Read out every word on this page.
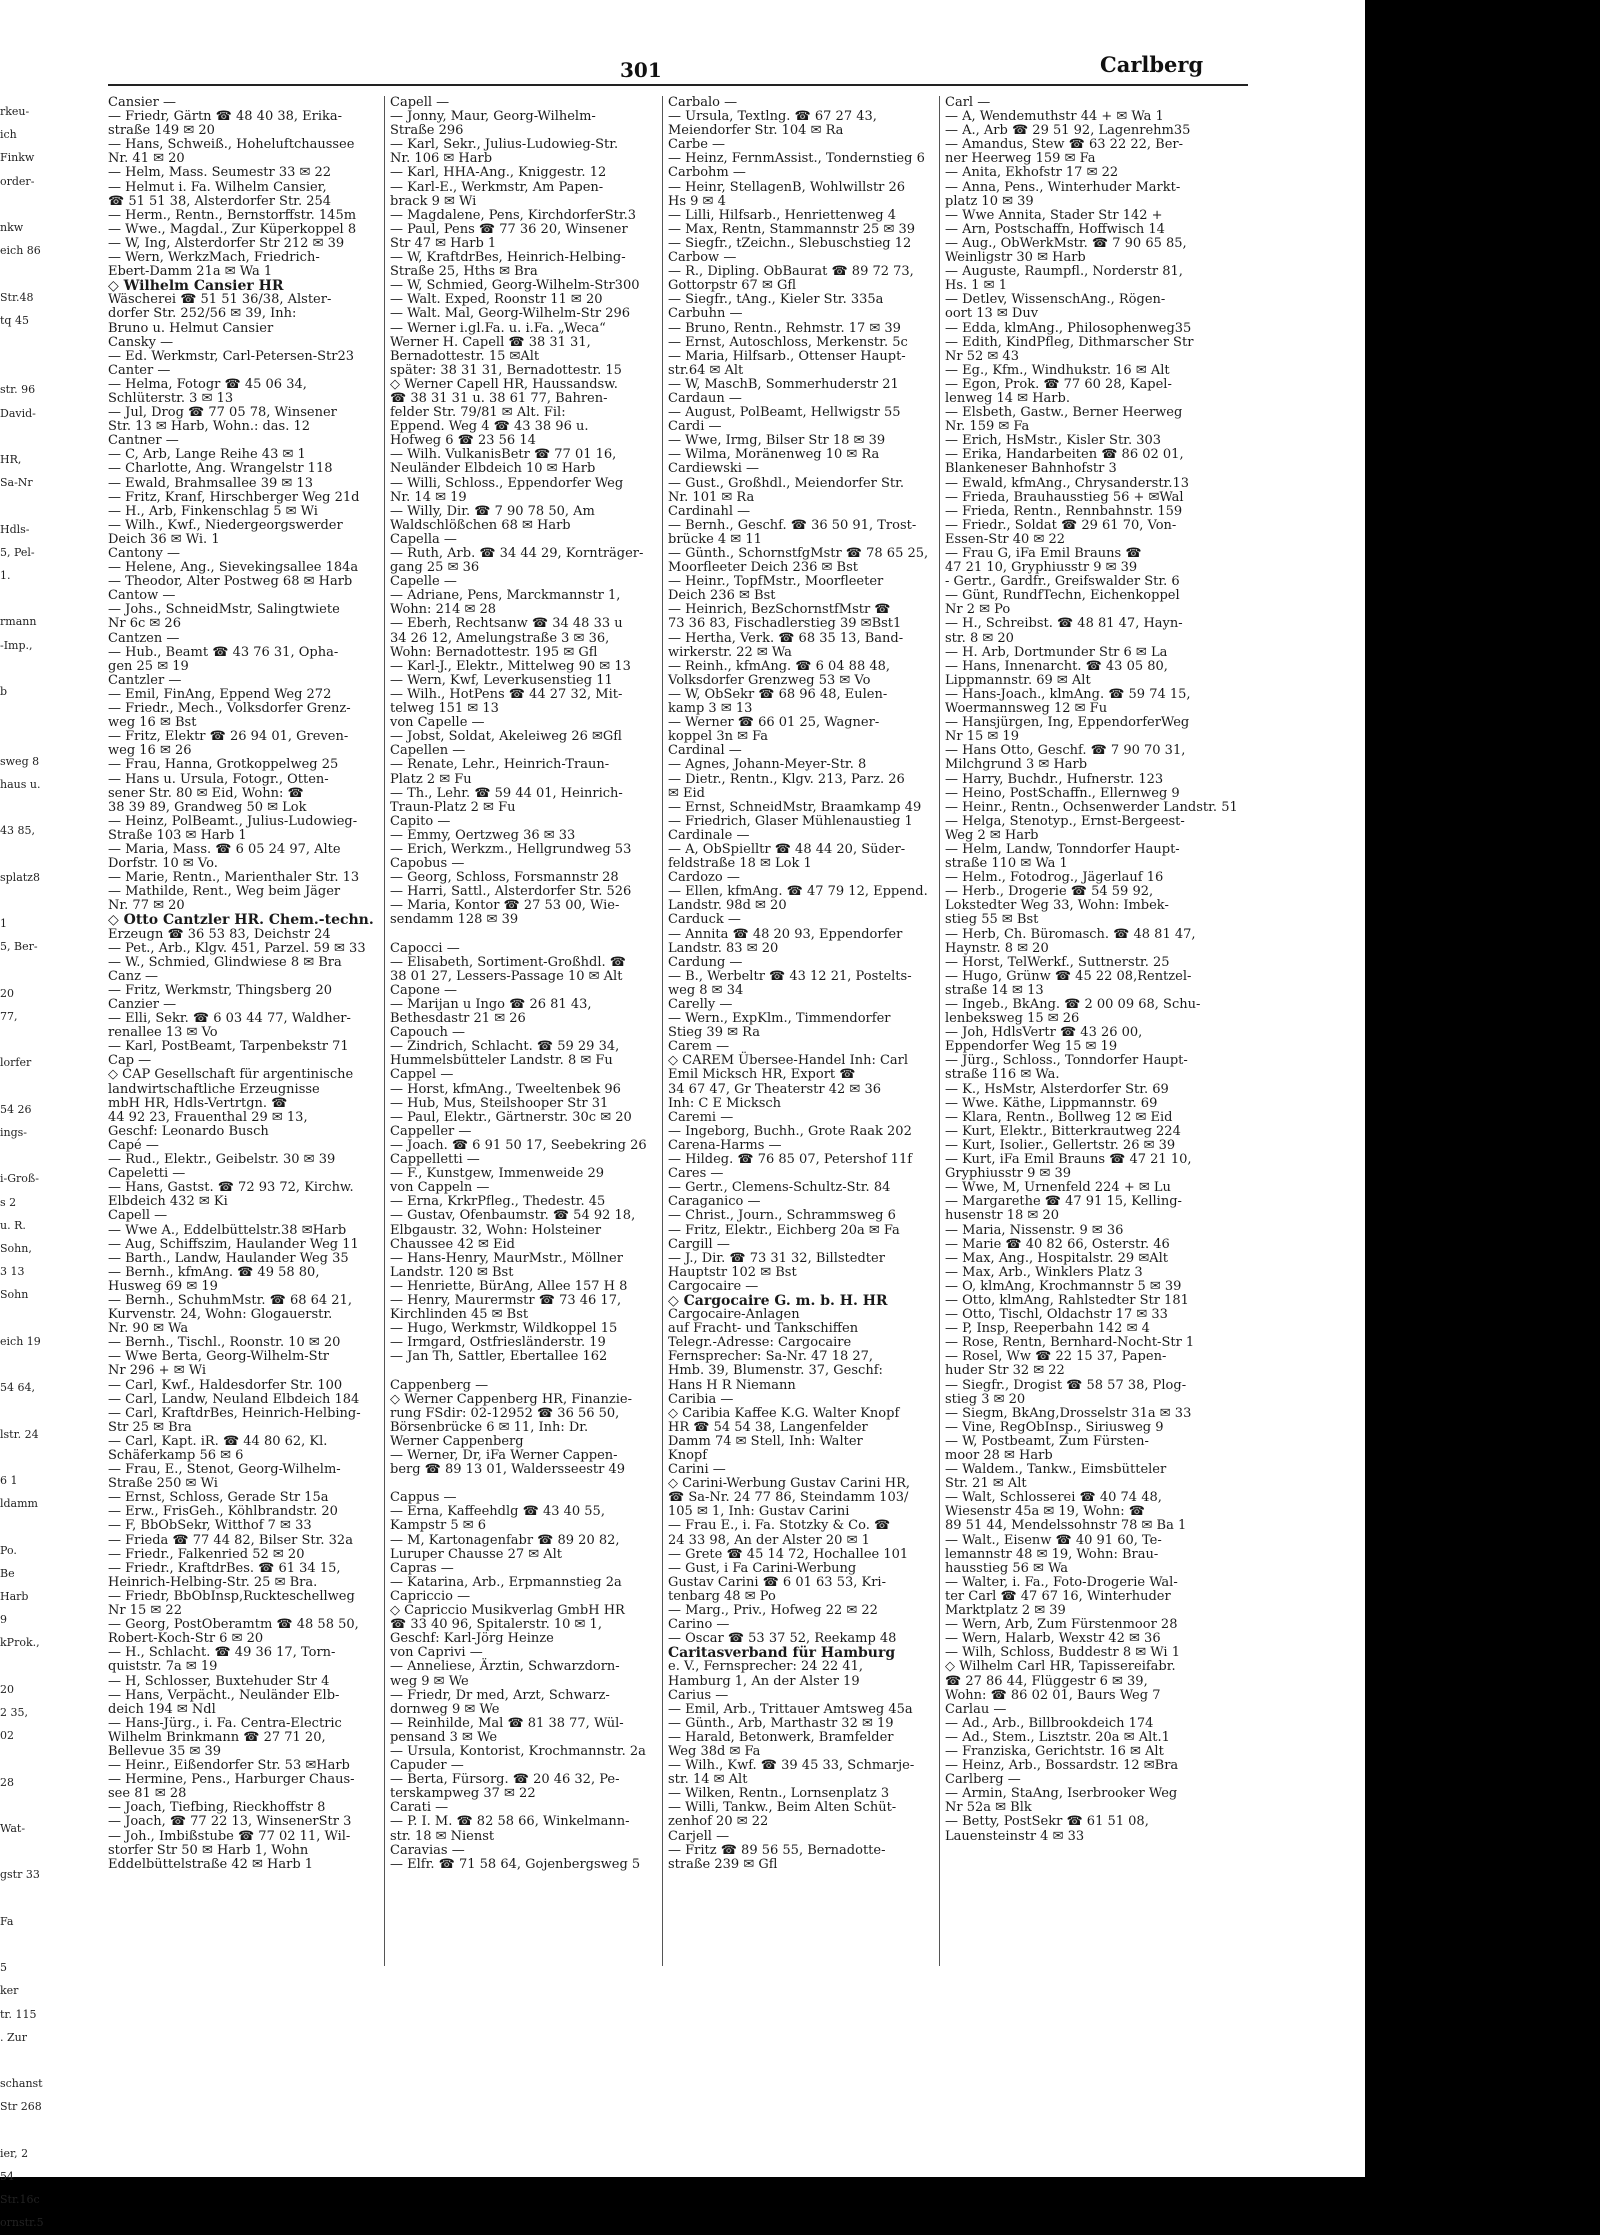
rkeu-
ich
Finkw
order-

nkw
eich 86

Str.48
tq 45

str. 96
David-

HR,
Sa-Nr

Hdls-
5, Pel-
1.

rmann
-Imp.,

b

sweg 8
haus u.

43 85,

splatz8

1
5, Ber-

20
77,

lorfer

54 26
ings-

i-Groß-
s 2
u. R.
Sohn,
3 13
Sohn

eich 19

54 64,

lstr. 24

6 1
ldamm

Po.
Be
Harb
9
kProk.,

20
2 35,
02

28

Wat-

gstr 33

Fa

5
ker
tr. 115
. Zur

schanst
Str 268

ier, 2
54
Str.16c
ornstr.5
301	Carlberg
Cansier —
— Friedr, Gärtn ☎ 48 40 38, Erika-
straße 149 ✉ 20
— Hans, Schweiß., Hoheluftchaussee
Nr. 41 ✉ 20
— Helm, Mass. Seumestr 33 ✉ 22
— Helmut i. Fa. Wilhelm Cansier,
☎ 51 51 38, Alsterdorfer Str. 254
— Herm., Rentn., Bernstorffstr. 145m
— Wwe., Magdal., Zur Küperkoppel 8
— W, Ing, Alsterdorfer Str 212 ✉ 39
— Wern, WerkzMach, Friedrich-
Ebert-Damm 21a ✉ Wa 1
◇ Wilhelm Cansier HR
Wäscherei ☎ 51 51 36/38, Alster-
dorfer Str. 252/56 ✉ 39, Inh:
Bruno u. Helmut Cansier
Cansky —
— Ed. Werkmstr, Carl-Petersen-Str23
Canter —
— Helma, Fotogr ☎ 45 06 34,
Schlüterstr. 3 ✉ 13
— Jul, Drog ☎ 77 05 78, Winsener
Str. 13 ✉ Harb, Wohn.: das. 12
Cantner —
— C, Arb, Lange Reihe 43 ✉ 1
— Charlotte, Ang. Wrangelstr 118
— Ewald, Brahmsallee 39 ✉ 13
— Fritz, Kranf, Hirschberger Weg 21d
— H., Arb, Finkenschlag 5 ✉ Wi
— Wilh., Kwf., Niedergeorgswerder
Deich 36 ✉ Wi. 1
Cantony —
— Helene, Ang., Sievekingsallee 184a
— Theodor, Alter Postweg 68 ✉ Harb
Cantow —
— Johs., SchneidMstr, Salingtwiete
Nr 6c ✉ 26
Cantzen —
— Hub., Beamt ☎ 43 76 31, Opha-
gen 25 ✉ 19
Cantzler —
— Emil, FinAng, Eppend Weg 272
— Friedr., Mech., Volksdorfer Grenz-
weg 16 ✉ Bst
— Fritz, Elektr ☎ 26 94 01, Greven-
weg 16 ✉ 26
— Frau, Hanna, Grotkoppelweg 25
— Hans u. Ursula, Fotogr., Otten-
sener Str. 80 ✉ Eid, Wohn: ☎
38 39 89, Grandweg 50 ✉ Lok
— Heinz, PolBeamt., Julius-Ludowieg-
Straße 103 ✉ Harb 1
— Maria, Mass. ☎ 6 05 24 97, Alte
Dorfstr. 10 ✉ Vo.
— Marie, Rentn., Marienthaler Str. 13
— Mathilde, Rent., Weg beim Jäger
Nr. 77 ✉ 20
◇ Otto Cantzler HR. Chem.-techn.
Erzeugn ☎ 36 53 83, Deichstr 24
— Pet., Arb., Klgv. 451, Parzel. 59 ✉ 33
— W., Schmied, Glindwiese 8 ✉ Bra
Canz —
— Fritz, Werkmstr, Thingsberg 20
Canzier —
— Elli, Sekr. ☎ 6 03 44 77, Waldher-
renallee 13 ✉ Vo
— Karl, PostBeamt, Tarpenbekstr 71
Cap —
◇ CAP Gesellschaft für argentinische
landwirtschaftliche Erzeugnisse
mbH HR, Hdls-Vertrtgn. ☎
44 92 23, Frauenthal 29 ✉ 13,
Geschf: Leonardo Busch
Capé —
— Rud., Elektr., Geibelstr. 30 ✉ 39
Capeletti —
— Hans, Gastst. ☎ 72 93 72, Kirchw.
Elbdeich 432 ✉ Ki
Capell —
— Wwe A., Eddelbüttelstr.38 ✉Harb
— Aug, Schiffszim, Haulander Weg 11
— Barth., Landw, Haulander Weg 35
— Bernh., kfmAng. ☎ 49 58 80,
Husweg 69 ✉ 19
— Bernh., SchuhmMstr. ☎ 68 64 21,
Kurvenstr. 24, Wohn: Glogauerstr.
Nr. 90 ✉ Wa
— Bernh., Tischl., Roonstr. 10 ✉ 20
— Wwe Berta, Georg-Wilhelm-Str
Nr 296 + ✉ Wi
— Carl, Kwf., Haldesdorfer Str. 100
— Carl, Landw, Neuland Elbdeich 184
— Carl, KraftdrBes, Heinrich-Helbing-
Str 25 ✉ Bra
— Carl, Kapt. iR. ☎ 44 80 62, Kl.
Schäferkamp 56 ✉ 6
— Frau, E., Stenot, Georg-Wilhelm-
Straße 250 ✉ Wi
— Ernst, Schloss, Gerade Str 15a
— Erw., FrisGeh., Köhlbrandstr. 20
— F, BbObSekr, Witthof 7 ✉ 33
— Frieda ☎ 77 44 82, Bilser Str. 32a
— Friedr., Falkenried 52 ✉ 20
— Friedr., KraftdrBes. ☎ 61 34 15,
Heinrich-Helbing-Str. 25 ✉ Bra.
— Friedr, BbObInsp,Ruckteschellweg
Nr 15 ✉ 22
— Georg, PostOberamtm ☎ 48 58 50,
Robert-Koch-Str 6 ✉ 20
— H., Schlacht. ☎ 49 36 17, Torn-
quiststr. 7a ✉ 19
— H, Schlosser, Buxtehuder Str 4
— Hans, Verpächt., Neuländer Elb-
deich 194 ✉ Ndl
— Hans-Jürg., i. Fa. Centra-Electric
Wilhelm Brinkmann ☎ 27 71 20,
Bellevue 35 ✉ 39
— Heinr., Eißendorfer Str. 53 ✉Harb
— Hermine, Pens., Harburger Chaus-
see 81 ✉ 28
— Joach, Tiefbing, Rieckhoffstr 8
— Joach, ☎ 77 22 13, WinsenerStr 3
— Joh., Imbißstube ☎ 77 02 11, Wil-
storfer Str 50 ✉ Harb 1, Wohn
Eddelbüttelstraße 42 ✉ Harb 1
Capell —
— Jonny, Maur, Georg-Wilhelm-
Straße 296
— Karl, Sekr., Julius-Ludowieg-Str.
Nr. 106 ✉ Harb
— Karl, HHA-Ang., Kniggestr. 12
— Karl-E., Werkmstr, Am Papen-
brack 9 ✉ Wi
— Magdalene, Pens, KirchdorferStr.3
— Paul, Pens ☎ 77 36 20, Winsener
Str 47 ✉ Harb 1
— W, KraftdrBes, Heinrich-Helbing-
Straße 25, Hths ✉ Bra
— W, Schmied, Georg-Wilhelm-Str300
— Walt. Exped, Roonstr 11 ✉ 20
— Walt. Mal, Georg-Wilhelm-Str 296
— Werner i.gl.Fa. u. i.Fa. „Weca“
Werner H. Capell ☎ 38 31 31,
Bernadottestr. 15 ✉Alt
später: 38 31 31, Bernadottestr. 15
◇ Werner Capell HR, Haussandsw.
☎ 38 31 31 u. 38 61 77, Bahren-
felder Str. 79/81 ✉ Alt. Fil:
Eppend. Weg 4 ☎ 43 38 96 u.
Hofweg 6 ☎ 23 56 14
— Wilh. VulkanisBetr ☎ 77 01 16,
Neuländer Elbdeich 10 ✉ Harb
— Willi, Schloss., Eppendorfer Weg
Nr. 14 ✉ 19
— Willy, Dir. ☎ 7 90 78 50, Am
Waldschlößchen 68 ✉ Harb
Capella —
— Ruth, Arb. ☎ 34 44 29, Kornträger-
gang 25 ✉ 36
Capelle —
— Adriane, Pens, Marckmannstr 1,
Wohn: 214 ✉ 28
— Eberh, Rechtsanw ☎ 34 48 33 u
34 26 12, Amelungstraße 3 ✉ 36,
Wohn: Bernadottestr. 195 ✉ Gfl
— Karl-J., Elektr., Mittelweg 90 ✉ 13
— Wern, Kwf, Leverkusenstieg 11
— Wilh., HotPens ☎ 44 27 32, Mit-
telweg 151 ✉ 13
von Capelle —
— Jobst, Soldat, Akeleiweg 26 ✉Gfl
Capellen —
— Renate, Lehr., Heinrich-Traun-
Platz 2 ✉ Fu
— Th., Lehr. ☎ 59 44 01, Heinrich-
Traun-Platz 2 ✉ Fu
Capito —
— Emmy, Oertzweg 36 ✉ 33
— Erich, Werkzm., Hellgrundweg 53
Capobus —
— Georg, Schloss, Forsmannstr 28
— Harri, Sattl., Alsterdorfer Str. 526
— Maria, Kontor ☎ 27 53 00, Wie-
sendamm 128 ✉ 39

Capocci —
— Elisabeth, Sortiment-Großhdl. ☎
38 01 27, Lessers-Passage 10 ✉ Alt
Capone —
— Marijan u Ingo ☎ 26 81 43,
Bethesdastr 21 ✉ 26
Capouch —
— Zindrich, Schlacht. ☎ 59 29 34,
Hummelsbütteler Landstr. 8 ✉ Fu
Cappel —
— Horst, kfmAng., Tweeltenbek 96
— Hub, Mus, Steilshooper Str 31
— Paul, Elektr., Gärtnerstr. 30c ✉ 20
Cappeller —
— Joach. ☎ 6 91 50 17, Seebekring 26
Cappelletti —
— F., Kunstgew, Immenweide 29
von Cappeln —
— Erna, KrkrPfleg., Thedestr. 45
— Gustav, Ofenbaumstr. ☎ 54 92 18,
Elbgaustr. 32, Wohn: Holsteiner
Chaussee 42 ✉ Eid
— Hans-Henry, MaurMstr., Möllner
Landstr. 120 ✉ Bst
— Henriette, BürAng, Allee 157 H 8
— Henry, Maurermstr ☎ 73 46 17,
Kirchlinden 45 ✉ Bst
— Hugo, Werkmstr, Wildkoppel 15
— Irmgard, Ostfriesländerstr. 19
— Jan Th, Sattler, Ebertallee 162

Cappenberg —
◇ Werner Cappenberg HR, Finanzie-
rung FSdir: 02-12952 ☎ 36 56 50,
Börsenbrücke 6 ✉ 11, Inh: Dr.
Werner Cappenberg
— Werner, Dr, iFa Werner Cappen-
berg ☎ 89 13 01, Waldersseestr 49

Cappus —
— Erna, Kaffeehdlg ☎ 43 40 55,
Kampstr 5 ✉ 6
— M, Kartonagenfabr ☎ 89 20 82,
Luruper Chausse 27 ✉ Alt
Capras —
— Katarina, Arb., Erpmannstieg 2a
Capriccio —
◇ Capriccio Musikverlag GmbH HR
☎ 33 40 96, Spitalerstr. 10 ✉ 1,
Geschf: Karl-Jörg Heinze
von Caprivi —
— Anneliese, Ärztin, Schwarzdorn-
weg 9 ✉ We
— Friedr, Dr med, Arzt, Schwarz-
dornweg 9 ✉ We
— Reinhilde, Mal ☎ 81 38 77, Wül-
pensand 3 ✉ We
— Ursula, Kontorist, Krochmannstr. 2a
Capuder —
— Berta, Fürsorg. ☎ 20 46 32, Pe-
terskampweg 37 ✉ 22
Carati —
— P. I. M. ☎ 82 58 66, Winkelmann-
str. 18 ✉ Nienst
Caravias —
— Elfr. ☎ 71 58 64, Gojenbergsweg 5
Carbalo —
— Ursula, Textlng. ☎ 67 27 43,
Meiendorfer Str. 104 ✉ Ra
Carbe —
— Heinz, FernmAssist., Tondernstieg 6
Carbohm —
— Heinr, StellagenB, Wohlwillstr 26
Hs 9 ✉ 4
— Lilli, Hilfsarb., Henriettenweg 4
— Max, Rentn, Stammannstr 25 ✉ 39
— Siegfr., tZeichn., Slebuschstieg 12
Carbow —
— R., Dipling. ObBaurat ☎ 89 72 73,
Gottorpstr 67 ✉ Gfl
— Siegfr., tAng., Kieler Str. 335a
Carbuhn —
— Bruno, Rentn., Rehmstr. 17 ✉ 39
— Ernst, Autoschloss, Merkenstr. 5c
— Maria, Hilfsarb., Ottenser Haupt-
str.64 ✉ Alt
— W, MaschB, Sommerhuderstr 21
Cardaun —
— August, PolBeamt, Hellwigstr 55
Cardi —
— Wwe, Irmg, Bilser Str 18 ✉ 39
— Wilma, Moränenweg 10 ✉ Ra
Cardiewski —
— Gust., Großhdl., Meiendorfer Str.
Nr. 101 ✉ Ra
Cardinahl —
— Bernh., Geschf. ☎ 36 50 91, Trost-
brücke 4 ✉ 11
— Günth., SchornstfgMstr ☎ 78 65 25,
Moorfleeter Deich 236 ✉ Bst
— Heinr., TopfMstr., Moorfleeter
Deich 236 ✉ Bst
— Heinrich, BezSchornstfMstr ☎
73 36 83, Fischadlerstieg 39 ✉Bst1
— Hertha, Verk. ☎ 68 35 13, Band-
wirkerstr. 22 ✉ Wa
— Reinh., kfmAng. ☎ 6 04 88 48,
Volksdorfer Grenzweg 53 ✉ Vo
— W, ObSekr ☎ 68 96 48, Eulen-
kamp 3 ✉ 13
— Werner ☎ 66 01 25, Wagner-
koppel 3n ✉ Fa
Cardinal —
— Agnes, Johann-Meyer-Str. 8
— Dietr., Rentn., Klgv. 213, Parz. 26
✉ Eid
— Ernst, SchneidMstr, Braamkamp 49
— Friedrich, Glaser Mühlenaustieg 1
Cardinale —
— A, ObSpielltr ☎ 48 44 20, Süder-
feldstraße 18 ✉ Lok 1
Cardozo —
— Ellen, kfmAng. ☎ 47 79 12, Eppend.
Landstr. 98d ✉ 20
Carduck —
— Annita ☎ 48 20 93, Eppendorfer
Landstr. 83 ✉ 20
Cardung —
— B., Werbeltr ☎ 43 12 21, Postelts-
weg 8 ✉ 34
Carelly —
— Wern., ExpKlm., Timmendorfer
Stieg 39 ✉ Ra
Carem —
◇ CAREM Übersee-Handel Inh: Carl
Emil Micksch HR, Export ☎
34 67 47, Gr Theaterstr 42 ✉ 36
Inh: C E Micksch
Caremi —
— Ingeborg, Buchh., Grote Raak 202
Carena-Harms —
— Hildeg. ☎ 76 85 07, Petershof 11f
Cares —
— Gertr., Clemens-Schultz-Str. 84
Caraganico —
— Christ., Journ., Schrammsweg 6
— Fritz, Elektr., Eichberg 20a ✉ Fa
Cargill —
— J., Dir. ☎ 73 31 32, Billstedter
Hauptstr 102 ✉ Bst
Cargocaire —
◇ Cargocaire G. m. b. H. HR
Cargocaire-Anlagen
auf Fracht- und Tankschiffen
Telegr.-Adresse: Cargocaire
Fernsprecher: Sa-Nr. 47 18 27,
Hmb. 39, Blumenstr. 37, Geschf:
Hans H R Niemann
Caribia —
◇ Caribia Kaffee K.G. Walter Knopf
HR ☎ 54 54 38, Langenfelder
Damm 74 ✉ Stell, Inh: Walter
Knopf
Carini —
◇ Carini-Werbung Gustav Carini HR,
☎ Sa-Nr. 24 77 86, Steindamm 103/
105 ✉ 1, Inh: Gustav Carini
— Frau E., i. Fa. Stotzky & Co. ☎
24 33 98, An der Alster 20 ✉ 1
— Grete ☎ 45 14 72, Hochallee 101
— Gust, i Fa Carini-Werbung
Gustav Carini ☎ 6 01 63 53, Kri-
tenbarg 48 ✉ Po
— Marg., Priv., Hofweg 22 ✉ 22
Carino —
— Oscar ☎ 53 37 52, Reekamp 48
Caritasverband für Hamburg
e. V., Fernsprecher: 24 22 41,
Hamburg 1, An der Alster 19
Carius —
— Emil, Arb., Trittauer Amtsweg 45a
— Günth., Arb, Marthastr 32 ✉ 19
— Harald, Betonwerk, Bramfelder
Weg 38d ✉ Fa
— Wilh., Kwf. ☎ 39 45 33, Schmarje-
str. 14 ✉ Alt
— Wilken, Rentn., Lornsenplatz 3
— Willi, Tankw., Beim Alten Schüt-
zenhof 20 ✉ 22
Carjell —
— Fritz ☎ 89 56 55, Bernadotte-
straße 239 ✉ Gfl
Carl —
— A, Wendemuthstr 44 + ✉ Wa 1
— A., Arb ☎ 29 51 92, Lagenrehm35
— Amandus, Stew ☎ 63 22 22, Ber-
ner Heerweg 159 ✉ Fa
— Anita, Ekhofstr 17 ✉ 22
— Anna, Pens., Winterhuder Markt-
platz 10 ✉ 39
— Wwe Annita, Stader Str 142 +
— Arn, Postschaffn, Hoffwisch 14
— Aug., ObWerkMstr. ☎ 7 90 65 85,
Weinligstr 30 ✉ Harb
— Auguste, Raumpfl., Norderstr 81,
Hs. 1 ✉ 1
— Detlev, WissenschAng., Rögen-
oort 13 ✉ Duv
— Edda, klmAng., Philosophenweg35
— Edith, KindPfleg, Dithmarscher Str
Nr 52 ✉ 43
— Eg., Kfm., Windhukstr. 16 ✉ Alt
— Egon, Prok. ☎ 77 60 28, Kapel-
lenweg 14 ✉ Harb.
— Elsbeth, Gastw., Berner Heerweg
Nr. 159 ✉ Fa
— Erich, HsMstr., Kisler Str. 303
— Erika, Handarbeiten ☎ 86 02 01,
Blankeneser Bahnhofstr 3
— Ewald, kfmAng., Chrysanderstr.13
— Frieda, Brauhausstieg 56 + ✉Wal
— Frieda, Rentn., Rennbahnstr. 159
— Friedr., Soldat ☎ 29 61 70, Von-
Essen-Str 40 ✉ 22
— Frau G, iFa Emil Brauns ☎
47 21 10, Gryphiusstr 9 ✉ 39
- Gertr., Gardfr., Greifswalder Str. 6
— Günt, RundfTechn, Eichenkoppel
Nr 2 ✉ Po
— H., Schreibst. ☎ 48 81 47, Hayn-
str. 8 ✉ 20
— H. Arb, Dortmunder Str 6 ✉ La
— Hans, Innenarcht. ☎ 43 05 80,
Lippmannstr. 69 ✉ Alt
— Hans-Joach., klmAng. ☎ 59 74 15,
Woermannsweg 12 ✉ Fu
— Hansjürgen, Ing, EppendorferWeg
Nr 15 ✉ 19
— Hans Otto, Geschf. ☎ 7 90 70 31,
Milchgrund 3 ✉ Harb
— Harry, Buchdr., Hufnerstr. 123
— Heino, PostSchaffn., Ellernweg 9
— Heinr., Rentn., Ochsenwerder Landstr. 51
— Helga, Stenotyp., Ernst-Bergeest-
Weg 2 ✉ Harb
— Helm, Landw, Tonndorfer Haupt-
straße 110 ✉ Wa 1
— Helm., Fotodrog., Jägerlauf 16
— Herb., Drogerie ☎ 54 59 92,
Lokstedter Weg 33, Wohn: Imbek-
stieg 55 ✉ Bst
— Herb, Ch. Büromasch. ☎ 48 81 47,
Haynstr. 8 ✉ 20
— Horst, TelWerkf., Suttnerstr. 25
— Hugo, Grünw ☎ 45 22 08,Rentzel-
straße 14 ✉ 13
— Ingeb., BkAng. ☎ 2 00 09 68, Schu-
lenbeksweg 15 ✉ 26
— Joh, HdlsVertr ☎ 43 26 00,
Eppendorfer Weg 15 ✉ 19
— Jürg., Schloss., Tonndorfer Haupt-
straße 116 ✉ Wa.
— K., HsMstr, Alsterdorfer Str. 69
— Wwe. Käthe, Lippmannstr. 69
— Klara, Rentn., Bollweg 12 ✉ Eid
— Kurt, Elektr., Bitterkrautweg 224
— Kurt, Isolier., Gellertstr. 26 ✉ 39
— Kurt, iFa Emil Brauns ☎ 47 21 10,
Gryphiusstr 9 ✉ 39
— Wwe, M, Urnenfeld 224 + ✉ Lu
— Margarethe ☎ 47 91 15, Kelling-
husenstr 18 ✉ 20
— Maria, Nissenstr. 9 ✉ 36
— Marie ☎ 40 82 66, Osterstr. 46
— Max, Ang., Hospitalstr. 29 ✉Alt
— Max, Arb., Winklers Platz 3
— O, klmAng, Krochmannstr 5 ✉ 39
— Otto, klmAng, Rahlstedter Str 181
— Otto, Tischl, Oldachstr 17 ✉ 33
— P, Insp, Reeperbahn 142 ✉ 4
— Rose, Rentn, Bernhard-Nocht-Str 1
— Rosel, Ww ☎ 22 15 37, Papen-
huder Str 32 ✉ 22
— Siegfr., Drogist ☎ 58 57 38, Plog-
stieg 3 ✉ 20
— Siegm, BkAng,Drosselstr 31a ✉ 33
— Vine, RegObInsp., Siriusweg 9
— W, Postbeamt, Zum Fürsten-
moor 28 ✉ Harb
— Waldem., Tankw., Eimsbütteler
Str. 21 ✉ Alt
— Walt, Schlosserei ☎ 40 74 48,
Wiesenstr 45a ✉ 19, Wohn: ☎
89 51 44, Mendelssohnstr 78 ✉ Ba 1
— Walt., Eisenw ☎ 40 91 60, Te-
lemannstr 48 ✉ 19, Wohn: Brau-
hausstieg 56 ✉ Wa
— Walter, i. Fa., Foto-Drogerie Wal-
ter Carl ☎ 47 67 16, Winterhuder
Marktplatz 2 ✉ 39
— Wern, Arb, Zum Fürstenmoor 28
— Wern, Halarb, Wexstr 42 ✉ 36
— Wilh, Schloss, Buddestr 8 ✉ Wi 1
◇ Wilhelm Carl HR, Tapissereifabr.
☎ 27 86 44, Flüggestr 6 ✉ 39,
Wohn: ☎ 86 02 01, Baurs Weg 7
Carlau —
— Ad., Arb., Billbrookdeich 174
— Ad., Stem., Lisztstr. 20a ✉ Alt.1
— Franziska, Gerichtstr. 16 ✉ Alt
— Heinz, Arb., Bossardstr. 12 ✉Bra
Carlberg —
— Armin, StaAng, Iserbrooker Weg
Nr 52a ✉ Blk
— Betty, PostSekr ☎ 61 51 08,
Lauensteinstr 4 ✉ 33
